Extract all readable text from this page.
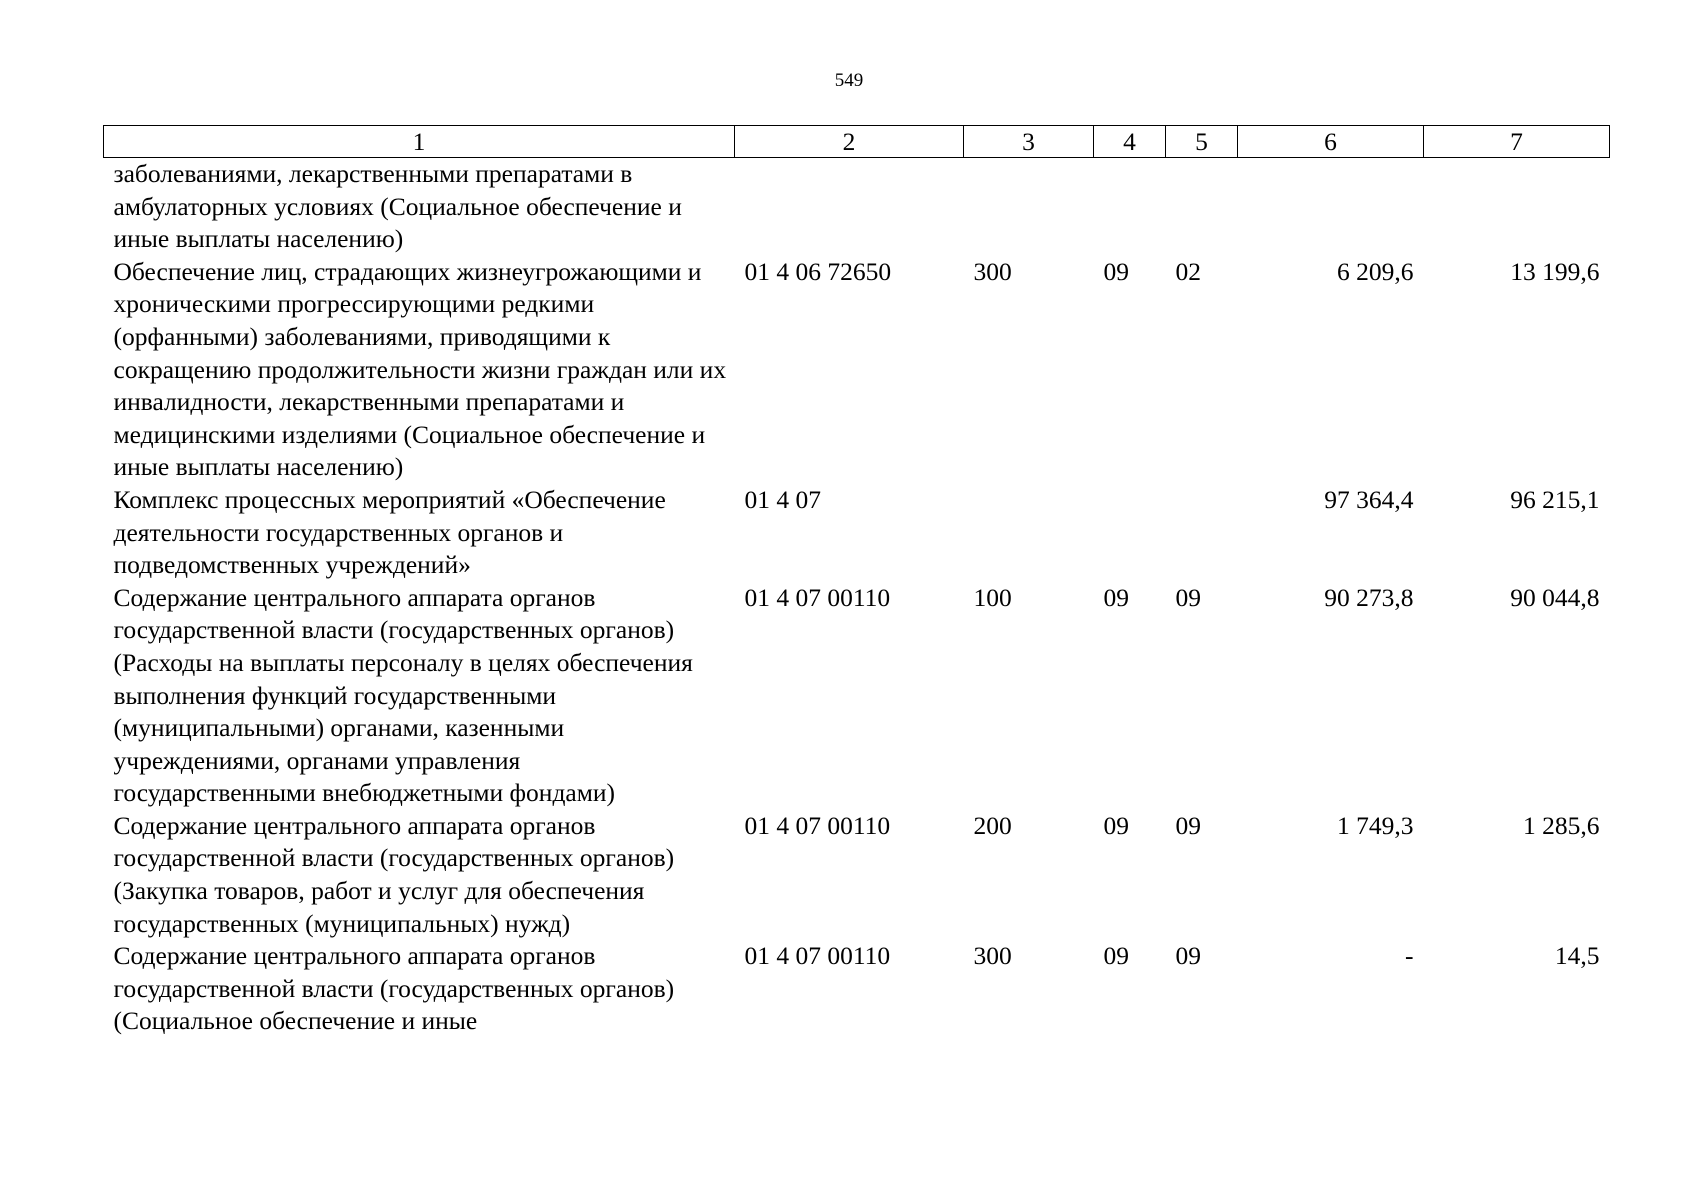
549
1	2	3	4	5	6	7
заболеваниями, лекарственными препаратами в амбулаторных условиях (Социальное обеспечение и иные выплаты населению)						
Обеспечение лиц, страдающих жизнеугрожающими и хроническими прогрессирующими редкими (орфанными) заболеваниями, приводящими к сокращению продолжительности жизни граждан или их инвалидности, лекарственными препаратами и медицинскими изделиями (Социальное обеспечение и иные выплаты населению)	01 4 06 72650	300	09	02	6 209,6	13 199,6
Комплекс процессных мероприятий «Обеспечение деятельности государственных органов и подведомственных учреждений»	01 4 07				97 364,4	96 215,1
Содержание центрального аппарата органов государственной власти (государственных органов) (Расходы на выплаты персоналу в целях обеспечения выполнения функций государственными (муниципальными) органами, казенными учреждениями, органами управления государственными внебюджетными фондами)	01 4 07 00110	100	09	09	90 273,8	90 044,8
Содержание центрального аппарата органов государственной власти (государственных органов) (Закупка товаров, работ и услуг для обеспечения государственных (муниципальных) нужд)	01 4 07 00110	200	09	09	1 749,3	1 285,6
Содержание центрального аппарата органов государственной власти (государственных органов) (Социальное обеспечение и иные	01 4 07 00110	300	09	09	-	14,5
